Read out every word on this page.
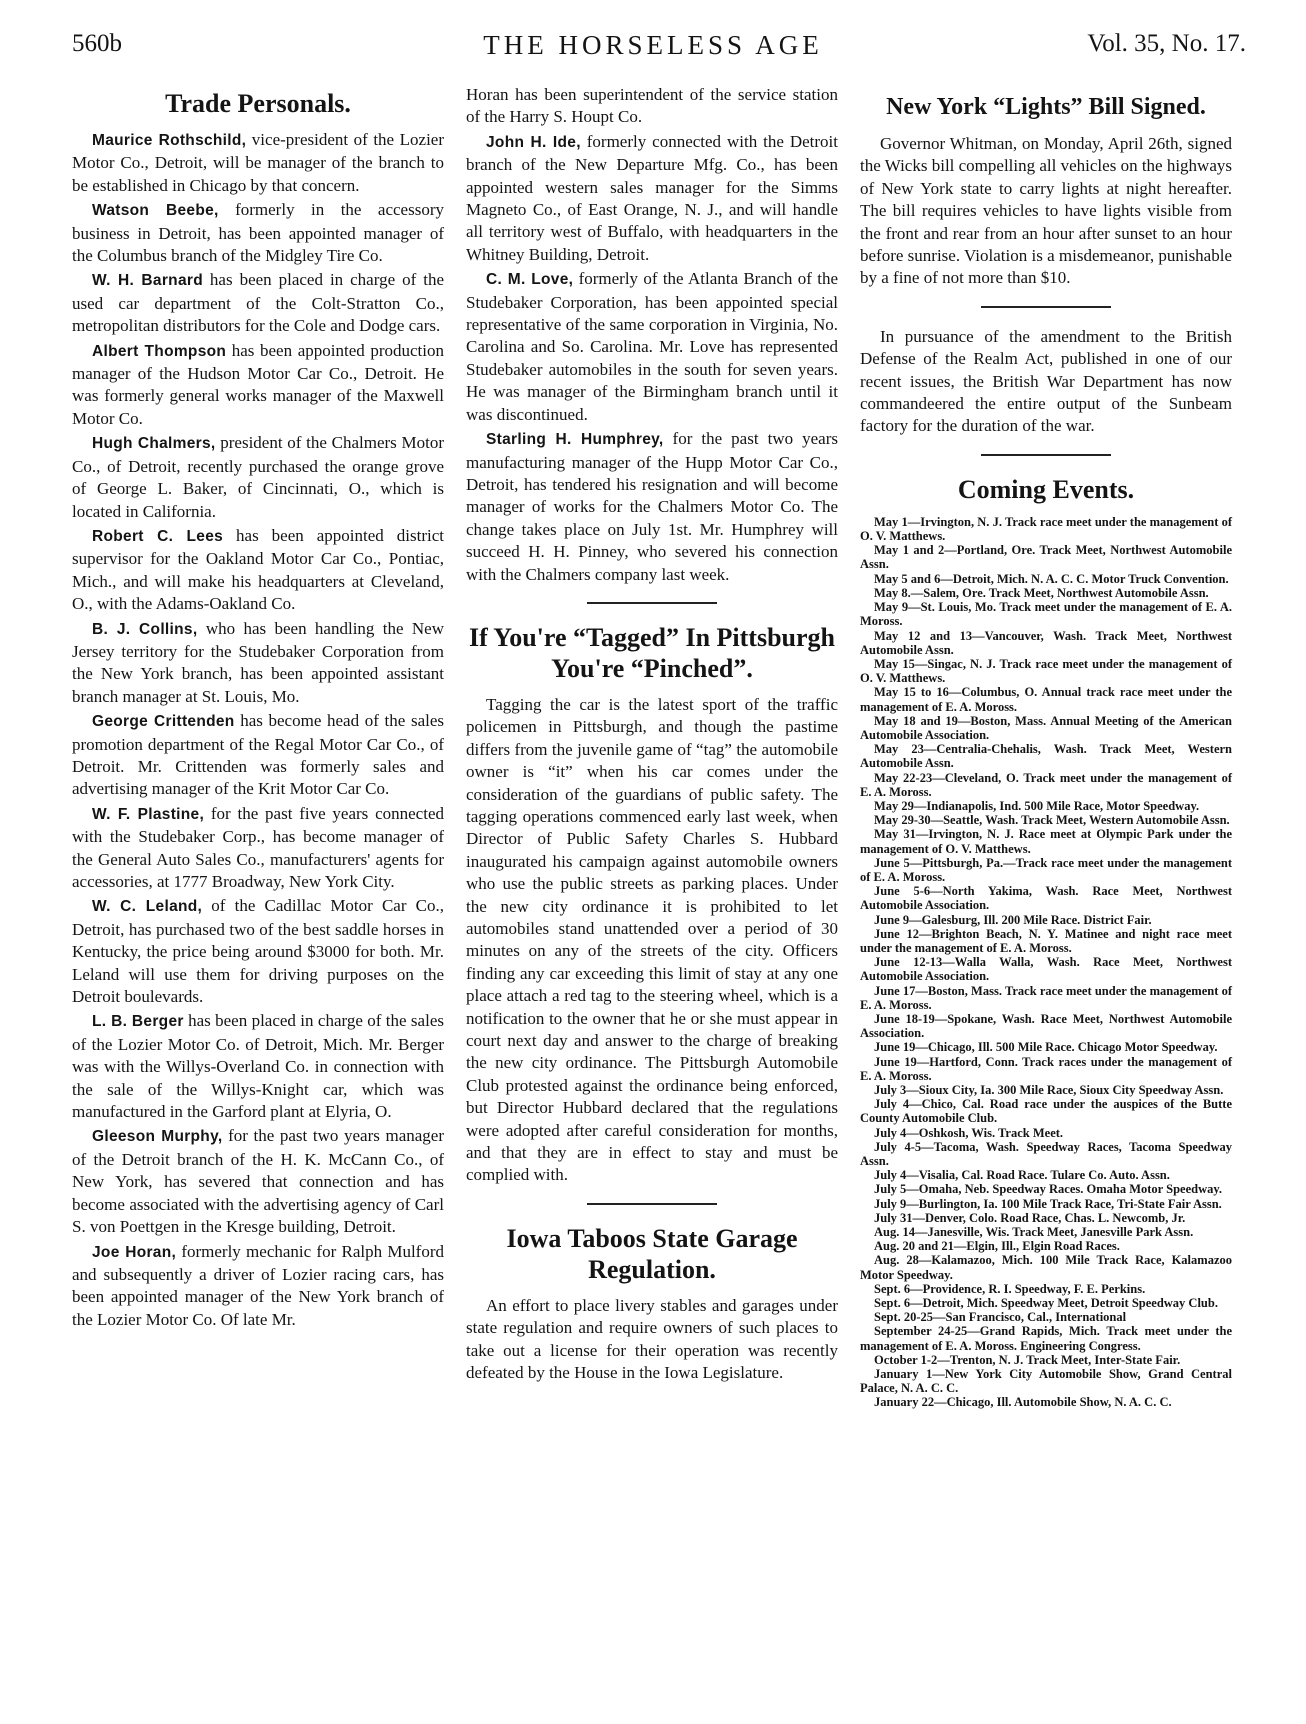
560b	THE HORSELESS AGE	Vol. 35, No. 17.
Trade Personals.

Maurice Rothschild, vice-president of the Lozier Motor Co., Detroit, will be manager of the branch to be established in Chicago by that concern.

Watson Beebe, formerly in the accessory business in Detroit, has been appointed manager of the Columbus branch of the Midgley Tire Co.

W. H. Barnard has been placed in charge of the used car department of the Colt-Stratton Co., metropolitan distributors for the Cole and Dodge cars.

Albert Thompson has been appointed production manager of the Hudson Motor Car Co., Detroit. He was formerly general works manager of the Maxwell Motor Co.

Hugh Chalmers, president of the Chalmers Motor Co., of Detroit, recently purchased the orange grove of George L. Baker, of Cincinnati, O., which is located in California.

Robert C. Lees has been appointed district supervisor for the Oakland Motor Car Co., Pontiac, Mich., and will make his headquarters at Cleveland, O., with the Adams-Oakland Co.

B. J. Collins, who has been handling the New Jersey territory for the Studebaker Corporation from the New York branch, has been appointed assistant branch manager at St. Louis, Mo.

George Crittenden has become head of the sales promotion department of the Regal Motor Car Co., of Detroit. Mr. Crittenden was formerly sales and advertising manager of the Krit Motor Car Co.

W. F. Plastine, for the past five years connected with the Studebaker Corp., has become manager of the General Auto Sales Co., manufacturers' agents for accessories, at 1777 Broadway, New York City.

W. C. Leland, of the Cadillac Motor Car Co., Detroit, has purchased two of the best saddle horses in Kentucky, the price being around $3000 for both. Mr. Leland will use them for driving purposes on the Detroit boulevards.

L. B. Berger has been placed in charge of the sales of the Lozier Motor Co. of Detroit, Mich. Mr. Berger was with the Willys-Overland Co. in connection with the sale of the Willys-Knight car, which was manufactured in the Garford plant at Elyria, O.

Gleeson Murphy, for the past two years manager of the Detroit branch of the H. K. McCann Co., of New York, has severed that connection and has become associated with the advertising agency of Carl S. von Poettgen in the Kresge building, Detroit.

Joe Horan, formerly mechanic for Ralph Mulford and subsequently a driver of Lozier racing cars, has been appointed manager of the New York branch of the Lozier Motor Co. Of late Mr.

Horan has been superintendent of the service station of the Harry S. Houpt Co.

John H. Ide, formerly connected with the Detroit branch of the New Departure Mfg. Co., has been appointed western sales manager for the Simms Magneto Co., of East Orange, N. J., and will handle all territory west of Buffalo, with headquarters in the Whitney Building, Detroit.

C. M. Love, formerly of the Atlanta Branch of the Studebaker Corporation, has been appointed special representative of the same corporation in Virginia, No. Carolina and So. Carolina. Mr. Love has represented Studebaker automobiles in the south for seven years. He was manager of the Birmingham branch until it was discontinued.

Starling H. Humphrey, for the past two years manufacturing manager of the Hupp Motor Car Co., Detroit, has tendered his resignation and will become manager of works for the Chalmers Motor Co. The change takes place on July 1st. Mr. Humphrey will succeed H. H. Pinney, who severed his connection with the Chalmers company last week.

If You're “Tagged” In Pittsburgh You're “Pinched”.

Tagging the car is the latest sport of the traffic policemen in Pittsburgh, and though the pastime differs from the juvenile game of “tag” the automobile owner is “it” when his car comes under the consideration of the guardians of public safety. The tagging operations commenced early last week, when Director of Public Safety Charles S. Hubbard inaugurated his campaign against automobile owners who use the public streets as parking places. Under the new city ordinance it is prohibited to let automobiles stand unattended over a period of 30 minutes on any of the streets of the city. Officers finding any car exceeding this limit of stay at any one place attach a red tag to the steering wheel, which is a notification to the owner that he or she must appear in court next day and answer to the charge of breaking the new city ordinance. The Pittsburgh Automobile Club protested against the ordinance being enforced, but Director Hubbard declared that the regulations were adopted after careful consideration for months, and that they are in effect to stay and must be complied with.

Iowa Taboos State Garage Regulation.

An effort to place livery stables and garages under state regulation and require owners of such places to take out a license for their operation was recently defeated by the House in the Iowa Legislature.

New York “Lights” Bill Signed.

Governor Whitman, on Monday, April 26th, signed the Wicks bill compelling all vehicles on the highways of New York state to carry lights at night hereafter. The bill requires vehicles to have lights visible from the front and rear from an hour after sunset to an hour before sunrise. Violation is a misdemeanor, punishable by a fine of not more than $10.

In pursuance of the amendment to the British Defense of the Realm Act, published in one of our recent issues, the British War Department has now commandeered the entire output of the Sunbeam factory for the duration of the war.

Coming Events.
May 1—Irvington, N. J. Track race meet under the management of O. V. Matthews.
May 1 and 2—Portland, Ore. Track Meet, Northwest Automobile Assn.
May 5 and 6—Detroit, Mich. N. A. C. C. Motor Truck Convention.
May 8.—Salem, Ore. Track Meet, Northwest Automobile Assn.
May 9—St. Louis, Mo. Track meet under the management of E. A. Moross.
May 12 and 13—Vancouver, Wash. Track Meet, Northwest Automobile Assn.
May 15—Singac, N. J. Track race meet under the management of O. V. Matthews.
May 15 to 16—Columbus, O. Annual track race meet under the management of E. A. Moross.
May 18 and 19—Boston, Mass. Annual Meeting of the American Automobile Association.
May 23—Centralia-Chehalis, Wash. Track Meet, Western Automobile Assn.
May 22-23—Cleveland, O. Track meet under the management of E. A. Moross.
May 29—Indianapolis, Ind. 500 Mile Race, Motor Speedway.
May 29-30—Seattle, Wash. Track Meet, Western Automobile Assn.
May 31—Irvington, N. J. Race meet at Olympic Park under the management of O. V. Matthews.
June 5—Pittsburgh, Pa.—Track race meet under the management of E. A. Moross.
June 5-6—North Yakima, Wash. Race Meet, Northwest Automobile Association.
June 9—Galesburg, Ill. 200 Mile Race. District Fair.
June 12—Brighton Beach, N. Y. Matinee and night race meet under the management of E. A. Moross.
June 12-13—Walla Walla, Wash. Race Meet, Northwest Automobile Association.
June 17—Boston, Mass. Track race meet under the management of E. A. Moross.
June 18-19—Spokane, Wash. Race Meet, Northwest Automobile Association.
June 19—Chicago, Ill. 500 Mile Race. Chicago Motor Speedway.
June 19—Hartford, Conn. Track races under the management of E. A. Moross.
July 3—Sioux City, Ia. 300 Mile Race, Sioux City Speedway Assn.
July 4—Chico, Cal. Road race under the auspices of the Butte County Automobile Club.
July 4—Oshkosh, Wis. Track Meet.
July 4-5—Tacoma, Wash. Speedway Races, Tacoma Speedway Assn.
July 4—Visalia, Cal. Road Race. Tulare Co. Auto. Assn.
July 5—Omaha, Neb. Speedway Races. Omaha Motor Speedway.
July 9—Burlington, Ia. 100 Mile Track Race, Tri-State Fair Assn.
July 31—Denver, Colo. Road Race, Chas. L. Newcomb, Jr.
Aug. 14—Janesville, Wis. Track Meet, Janesville Park Assn.
Aug. 20 and 21—Elgin, Ill., Elgin Road Races.
Aug. 28—Kalamazoo, Mich. 100 Mile Track Race, Kalamazoo Motor Speedway.
Sept. 6—Providence, R. I. Speedway, F. E. Perkins.
Sept. 6—Detroit, Mich. Speedway Meet, Detroit Speedway Club.
Sept. 20-25—San Francisco, Cal., International
September 24-25—Grand Rapids, Mich. Track meet under the management of E. A. Moross. Engineering Congress.
October 1-2—Trenton, N. J. Track Meet, Inter-State Fair.
January 1—New York City Automobile Show, Grand Central Palace, N. A. C. C.
January 22—Chicago, Ill. Automobile Show, N. A. C. C.
